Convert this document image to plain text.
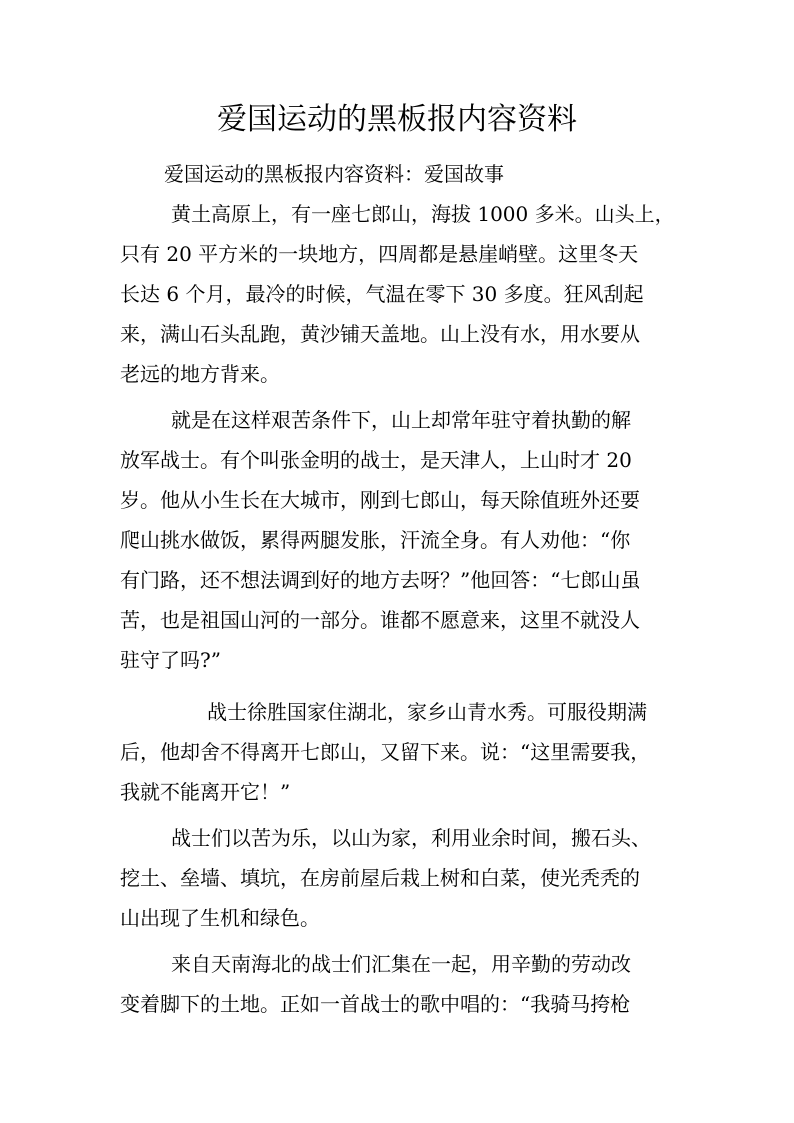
爱国运动的黑板报内容资料

爱国运动的黑板报内容资料：爱国故事

黄土高原上，有一座七郎山，海拔 1000 多米。山头上，

只有 20 平方米的一块地方，四周都是悬崖峭壁。这里冬天

长达 6 个月，最冷的时候，气温在零下 30 多度。狂风刮起

来，满山石头乱跑，黄沙铺天盖地。山上没有水，用水要从

老远的地方背来。

就是在这样艰苦条件下，山上却常年驻守着执勤的解

放军战士。有个叫张金明的战士，是天津人，上山时才 20

岁。他从小生长在大城市，刚到七郎山，每天除值班外还要

爬山挑水做饭，累得两腿发胀，汗流全身。有人劝他：“你

有门路，还不想法调到好的地方去呀？”他回答：“七郎山虽

苦，也是祖国山河的一部分。谁都不愿意来，这里不就没人

驻守了吗?”

战士徐胜国家住湖北，家乡山青水秀。可服役期满

后，他却舍不得离开七郎山，又留下来。说：“这里需要我，

我就不能离开它！”

战士们以苦为乐，以山为家，利用业余时间，搬石头、

挖土、垒墙、填坑，在房前屋后栽上树和白菜，使光秃秃的

山出现了生机和绿色。

来自天南海北的战士们汇集在一起，用辛勤的劳动改

变着脚下的土地。正如一首战士的歌中唱的：“我骑马挎枪
